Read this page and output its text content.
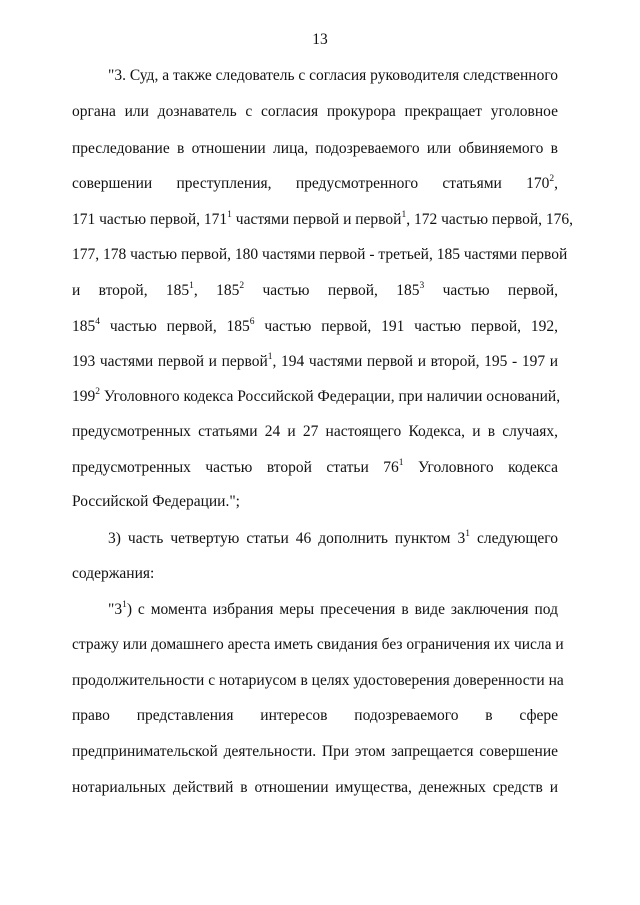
13
"3. Суд, а также следователь с согласия руководителя следственного
органа или дознаватель с согласия прокурора прекращает уголовное
преследование в отношении лица, подозреваемого или обвиняемого в
совершении преступления, предусмотренного статьями $170^2$,
171 частью первой, $171^1$ частями первой и первой$^1$, 172 частью первой, 176,
177, 178 частью первой, 180 частями первой - третьей, 185 частями первой
и второй, $185^1$, $185^2$ частью первой, $185^3$ частью первой,
$185^4$ частью первой, $185^6$ частью первой, 191 частью первой, 192,
193 частями первой и первой$^1$, 194 частями первой и второй, 195 - 197 и
$199^2$ Уголовного кодекса Российской Федерации, при наличии оснований,
предусмотренных статьями 24 и 27 настоящего Кодекса, и в случаях,
предусмотренных частью второй статьи $76^1$ Уголовного кодекса
Российской Федерации.";
3) часть четвертую статьи 46 дополнить пунктом $3^1$ следующего
содержания:
"$3^1$) с момента избрания меры пресечения в виде заключения под
стражу или домашнего ареста иметь свидания без ограничения их числа и
продолжительности с нотариусом в целях удостоверения доверенности на
право представления интересов подозреваемого в сфере
предпринимательской деятельности. При этом запрещается совершение
нотариальных действий в отношении имущества, денежных средств и
